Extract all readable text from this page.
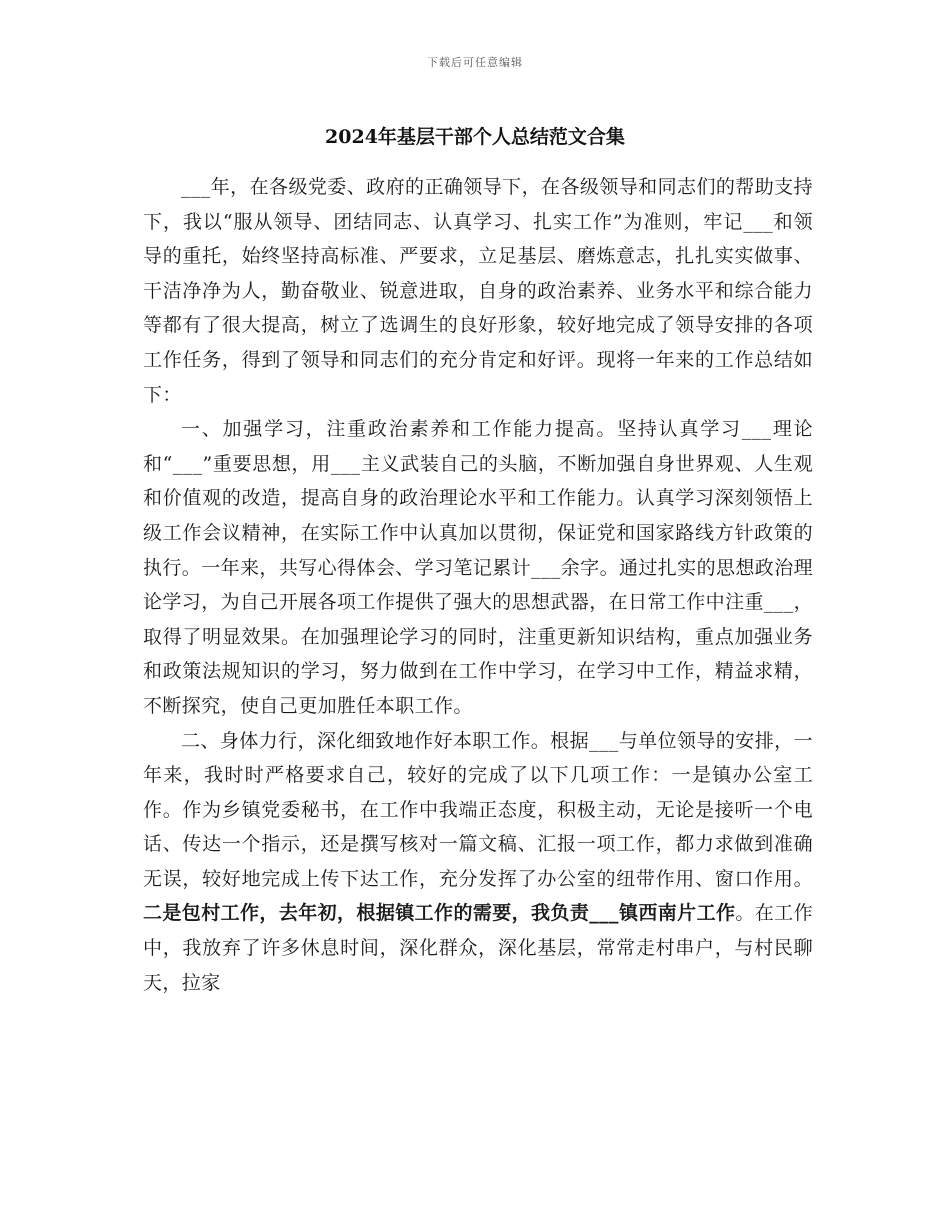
下载后可任意编辑
2024年基层干部个人总结范文合集

___年，在各级党委、政府的正确领导下，在各级领导和同志们的帮助支持下，我以“服从领导、团结同志、认真学习、扎实工作”为准则，牢记___和领导的重托，始终坚持高标准、严要求，立足基层、磨炼意志，扎扎实实做事、干洁净净为人，勤奋敬业、锐意进取，自身的政治素养、业务水平和综合能力等都有了很大提高，树立了选调生的良好形象，较好地完成了领导安排的各项工作任务，得到了领导和同志们的充分肯定和好评。现将一年来的工作总结如下：

一、加强学习，注重政治素养和工作能力提高。坚持认真学习___理论和“___”重要思想，用___主义武装自己的头脑，不断加强自身世界观、人生观和价值观的改造，提高自身的政治理论水平和工作能力。认真学习深刻领悟上级工作会议精神，在实际工作中认真加以贯彻，保证党和国家路线方针政策的执行。一年来，共写心得体会、学习笔记累计___余字。通过扎实的思想政治理论学习，为自己开展各项工作提供了强大的思想武器，在日常工作中注重___，取得了明显效果。在加强理论学习的同时，注重更新知识结构，重点加强业务和政策法规知识的学习，努力做到在工作中学习，在学习中工作，精益求精，不断探究，使自己更加胜任本职工作。

二、身体力行，深化细致地作好本职工作。根据___与单位领导的安排，一年来，我时时严格要求自己，较好的完成了以下几项工作：一是镇办公室工作。作为乡镇党委秘书，在工作中我端正态度，积极主动，无论是接听一个电话、传达一个指示，还是撰写核对一篇文稿、汇报一项工作，都力求做到准确无误，较好地完成上传下达工作，充分发挥了办公室的纽带作用、窗口作用。二是包村工作，去年初，根据镇工作的需要，我负责___镇西南片工作。在工作中，我放弃了许多休息时间，深化群众，深化基层，常常走村串户，与村民聊天，拉家
